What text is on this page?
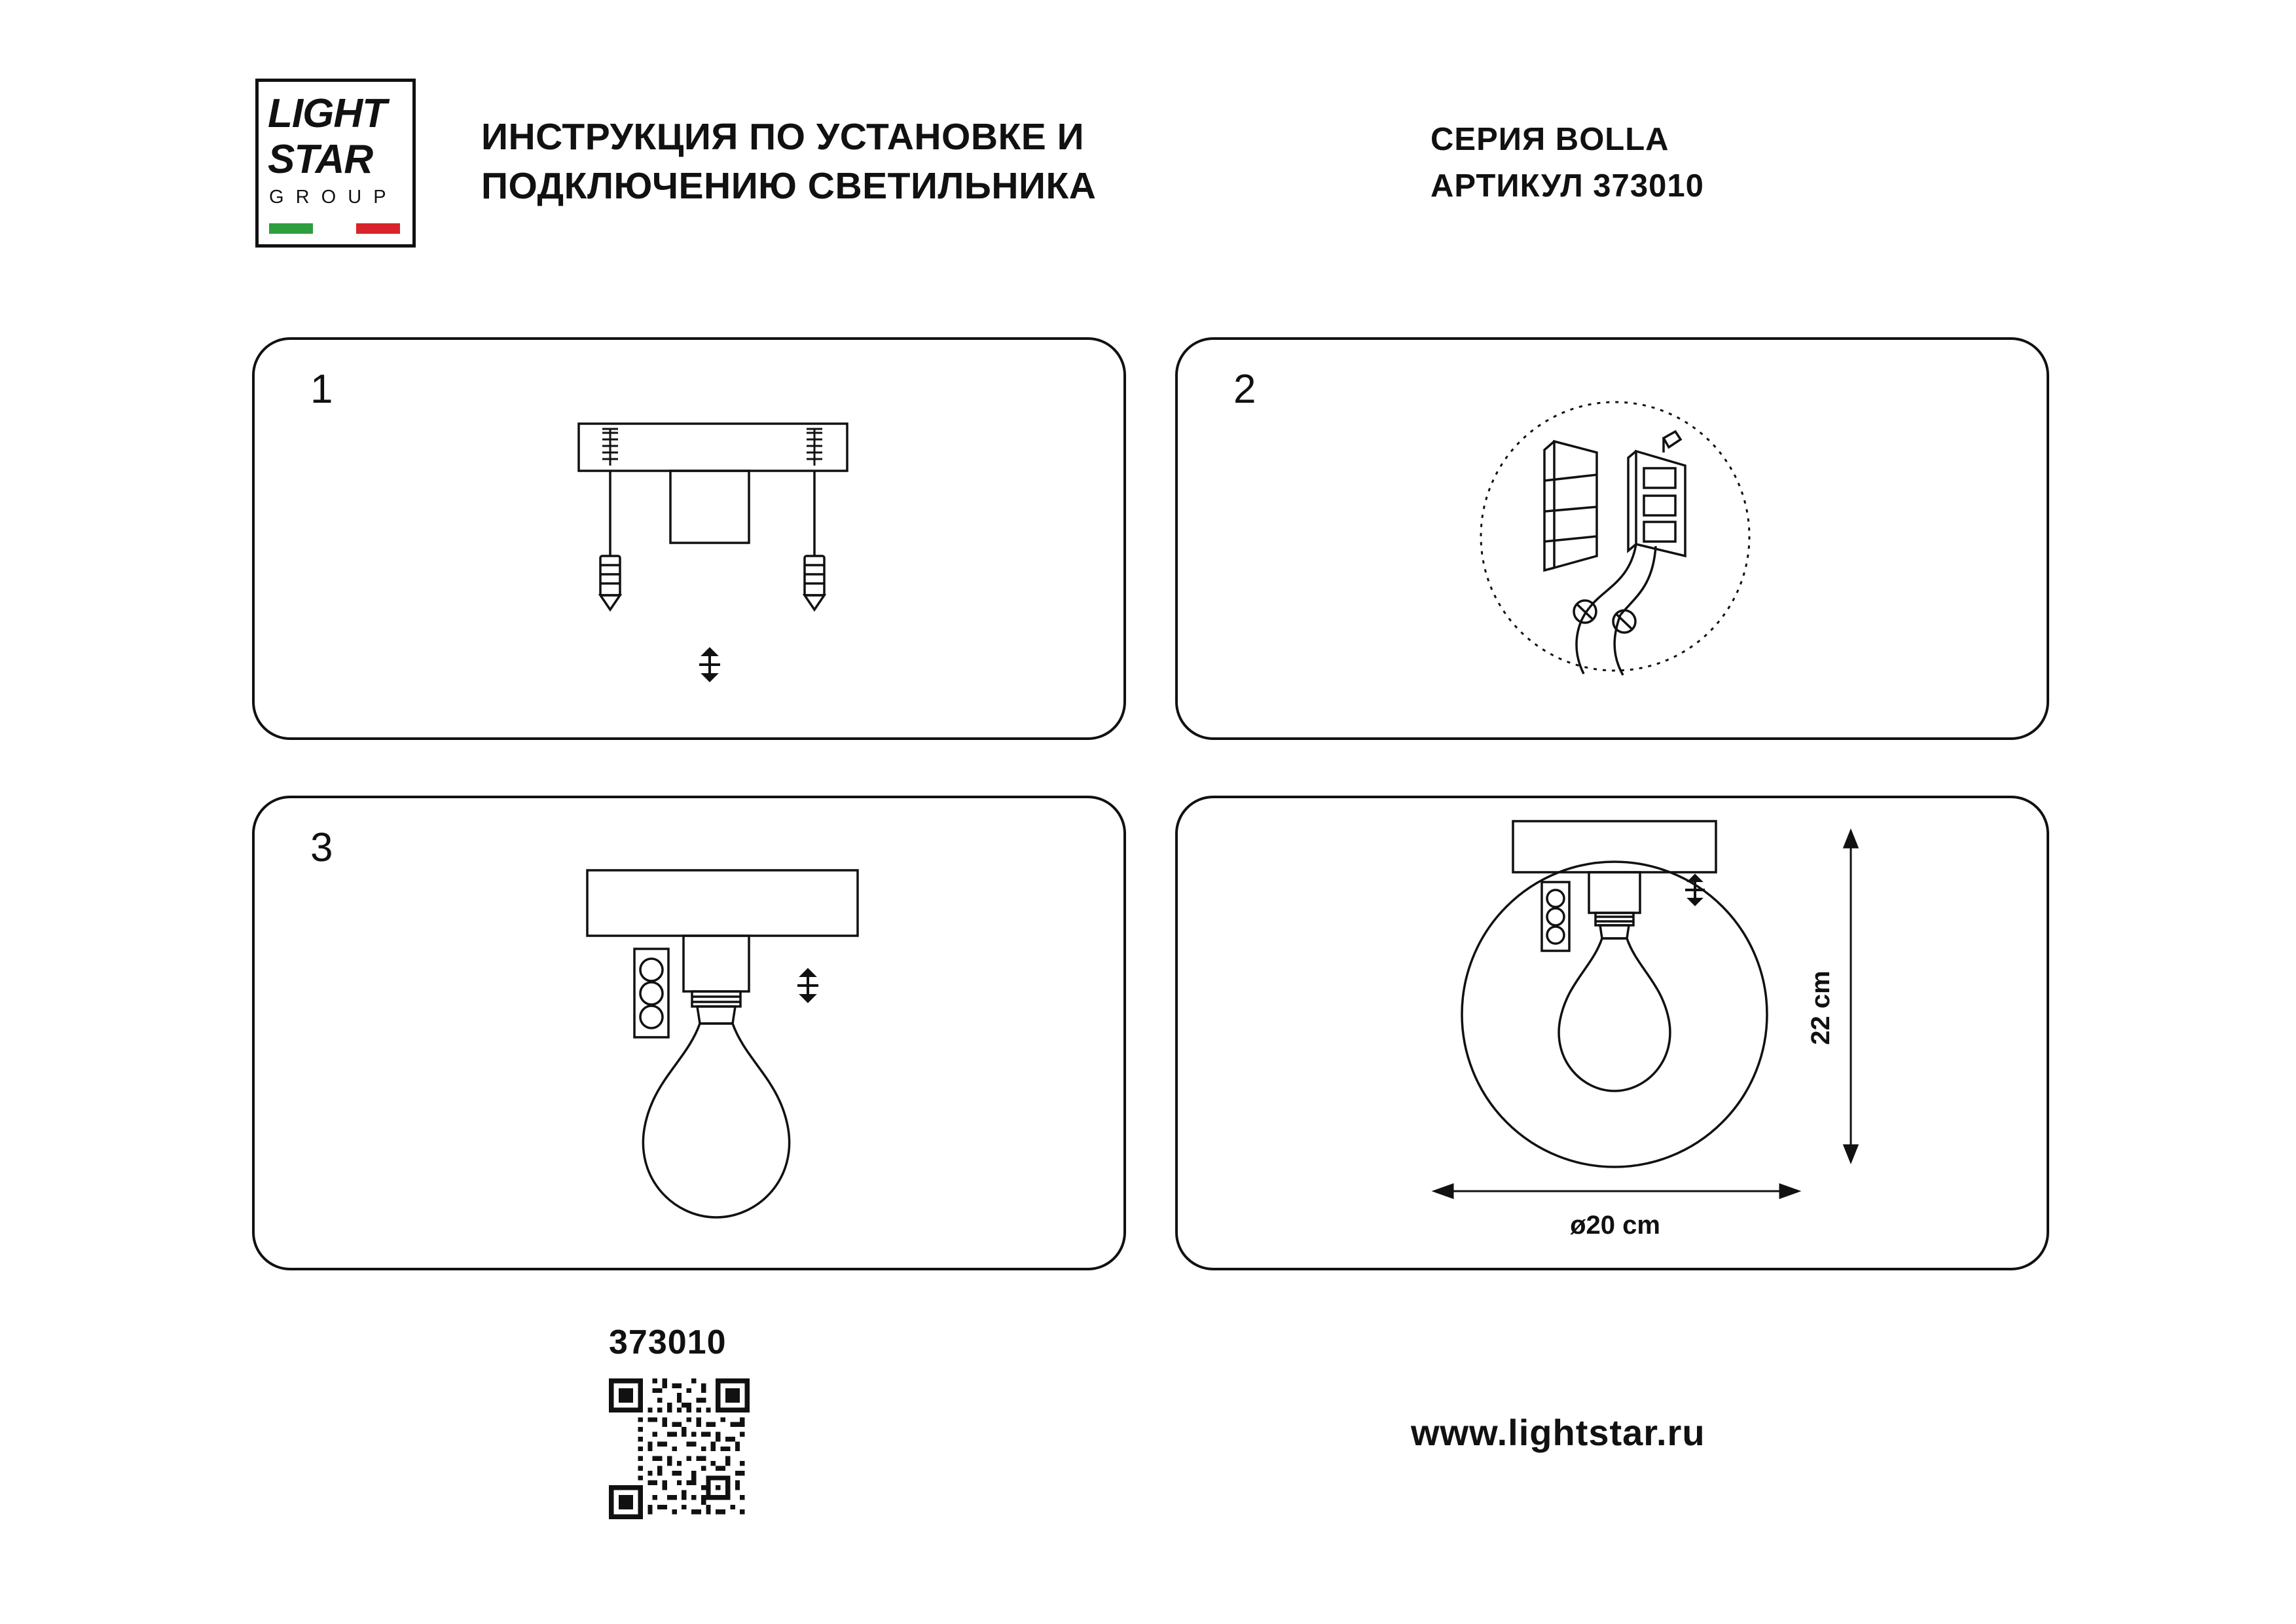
LIGHT
STAR
G R O U P
ИНСТРУКЦИЯ ПО УСТАНОВКЕ И ПОДКЛЮЧЕНИЮ СВЕТИЛЬНИКА
СЕРИЯ BOLLA
АРТИКУЛ 373010
1	2
3
22 cm
ø20 cm
373010
www.lightstar.ru
